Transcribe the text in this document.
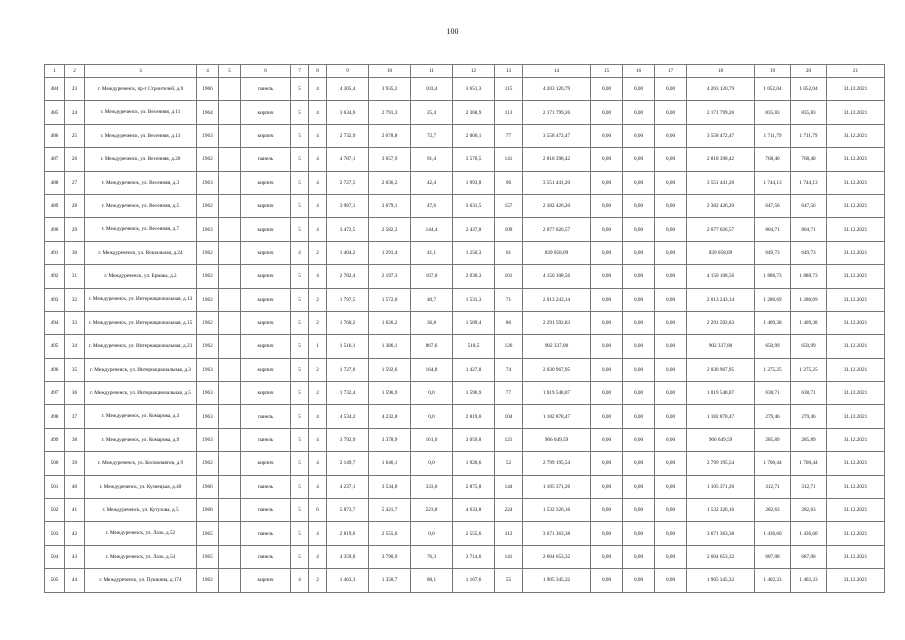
100
1	2	3	4	5	6	7	8	9	10	11	12	13	14	15	16	17	18	19	20	21
484	23	г. Междуреченск, пр-т Строителей, д.9	1966		панель	5	4	4 305,4	3 935,2	103,4	3 651,3	115	4 203 120,79	0,00	0,00	0,00	4 203 120,79	1 052,04	1 052,04	31.12.2021
485	24	г. Междуреченск, ул. Весенняя, д.11	1964		кирпич	5	4	3 634,6	2 791,3	25,4	2 368,9	113	2 171 799,26	0,00	0,00	0,00	2 171 799,26	835,83	835,83	31.12.2021
486	25	г. Междуреченск, ул. Весенняя, д.13	1963		кирпич	5	4	2 732,9	2 078,8	72,7	2 006,1	77	3 558 472,47	0,00	0,00	0,00	3 558 472,47	1 711,79	1 711,79	31.12.2021
487	26	г. Междуреченск, ул. Весенняя, д.20	1962		панель	5	4	4 787,1	3 657,9	91,4	3 576,5	141	2 818 398,42	0,00	0,00	0,00	2 818 398,42	768,40	768,40	31.12.2021
488	27	г. Междуреченск, ул. Весенняя, д.3	1963		кирпич	5	4	2 727,5	2 036,2	42,4	1 993,8	96	3 551 441,20	0,00	0,00	0,00	3 551 441,20	1 744,13	1 744,13	31.12.2021
489	28	г. Междуреченск, ул. Весенняя, д.5	1962		кирпич	5	4	3 987,1	3 679,1	47,6	3 631,5	157	2 382 426,20	0,00	0,00	0,00	2 382 426,20	647,56	647,56	31.12.2021
490	29	г. Междуреченск, ул. Весенняя, д.7	1963		кирпич	5	4	3 472,5	2 582,2	144,4	2 437,8	109	2 077 026,57	0,00	0,00	0,00	2 077 026,57	804,71	804,71	31.12.2021
491	30	г. Междуреченск, ул. Вокзальная, д.24	1962		кирпич	4	2	1 404,2	1 291,4	41,1	1 250,3	61	839 058,09	0,00	0,00	0,00	839 058,09	649,73	649,73	31.12.2021
492	31	г. Междуреченск, ул. Ермака, д.2	1962		кирпич	5	4	2 782,4	2 197,3	167,0	2 030,3	101	4 150 108,56	0,00	0,00	0,00	4 150 108,56	1 888,73	1 888,73	31.12.2021
493	32	г. Междуреченск, ул. Интернациональная, д.13	1962		кирпич	5	2	1 797,5	1 572,0	40,7	1 531,3	71	2 013 243,14	0,00	0,00	0,00	2 013 243,14	1 280,69	1 280,69	31.12.2021
494	33	г. Междуреченск, ул. Интернациональная, д.15	1962		кирпич	5	2	1 760,2	1 626,2	36,8	1 589,4	86	2 291 592,83	0,00	0,00	0,00	2 291 592,83	1 409,38	1 409,38	31.12.2021
495	34	г. Междуреченск, ул. Интернациональная, д.23	1962		кирпич	5	1	1 516,1	1 386,1	867,6	518,5	126	902 337,00	0,00	0,00	0,00	902 337,00	650,99	650,99	31.12.2021
496	35	г. Междуреченск, ул. Интернациональная, д.3	1963		кирпич	5	2	1 727,0	1 592,6	164,8	1 427,8	74	2 030 967,95	0,00	0,00	0,00	2 030 967,95	1 275,25	1 275,25	31.12.2021
497	36	г. Междуреченск, ул. Интернациональная, д.5	1963		кирпич	5	2	1 732,4	1 596,9	0,0	1 596,9	77	1 019 548,07	0,00	0,00	0,00	1 019 548,07	638,71	638,71	31.12.2021
498	37	г. Междуреченск, ул. Комарова, д.3	1963		панель	5	4	4 534,2	4 232,8	0,0	2 819,0	104	1 182 878,47	0,00	0,00	0,00	1 182 878,47	279,46	279,46	31.12.2021
499	38	г. Междуреченск, ул. Комарова, д.9	1963		панель	5	4	3 792,9	3 378,9	161,0	3 059,8	121	966 649,59	0,00	0,00	0,00	966 649,59	285,89	285,89	31.12.2021
500	39	г. Междуреченск, ул. Космонавтов, д.9	1962		кирпич	5	4	2 149,7	1 646,1	0,0	1 920,6	52	2 799 195,54	0,00	0,00	0,00	2 799 195,54	1 700,44	1 700,44	31.12.2021
501	40	г. Междуреченск, ул. Кузнецкая, д.40	1966		панель	5	4	4 237,1	3 534,8	333,6	2 875,8	144	1 105 371,26	0,00	0,00	0,00	1 105 371,26	312,71	312,71	31.12.2021
502	41	г. Междуреченск, ул. Кутузова, д.5	1966		панель	5	6	5 873,7	5 421,7	223,8	4 633,8	224	1 532 326,16	0,00	0,00	0,00	1 532 326,16	282,63	282,63	31.12.2021
503	42	г. Междуреченск, ул. Лазо, д.52	1965		панель	5	4	2 819,6	2 555,6	0,0	2 555,6	112	3 671 363,38	0,00	0,00	0,00	3 671 363,38	1 436,60	1 436,60	31.12.2021
504	43	г. Междуреченск, ул. Лазо, д.54	1965		панель	5	4	4 359,0	3 790,9	76,3	3 714,6	141	2 604 653,32	0,00	0,00	0,00	2 604 653,32	687,08	687,08	31.12.2021
505	44	г. Междуреченск, ул. Пушкина, д.174	1962		кирпич	4	2	1 463,3	1 358,7	88,1	1 167,6	55	1 905 345,32	0,00	0,00	0,00	1 905 345,32	1 402,33	1 402,33	31.12.2021
